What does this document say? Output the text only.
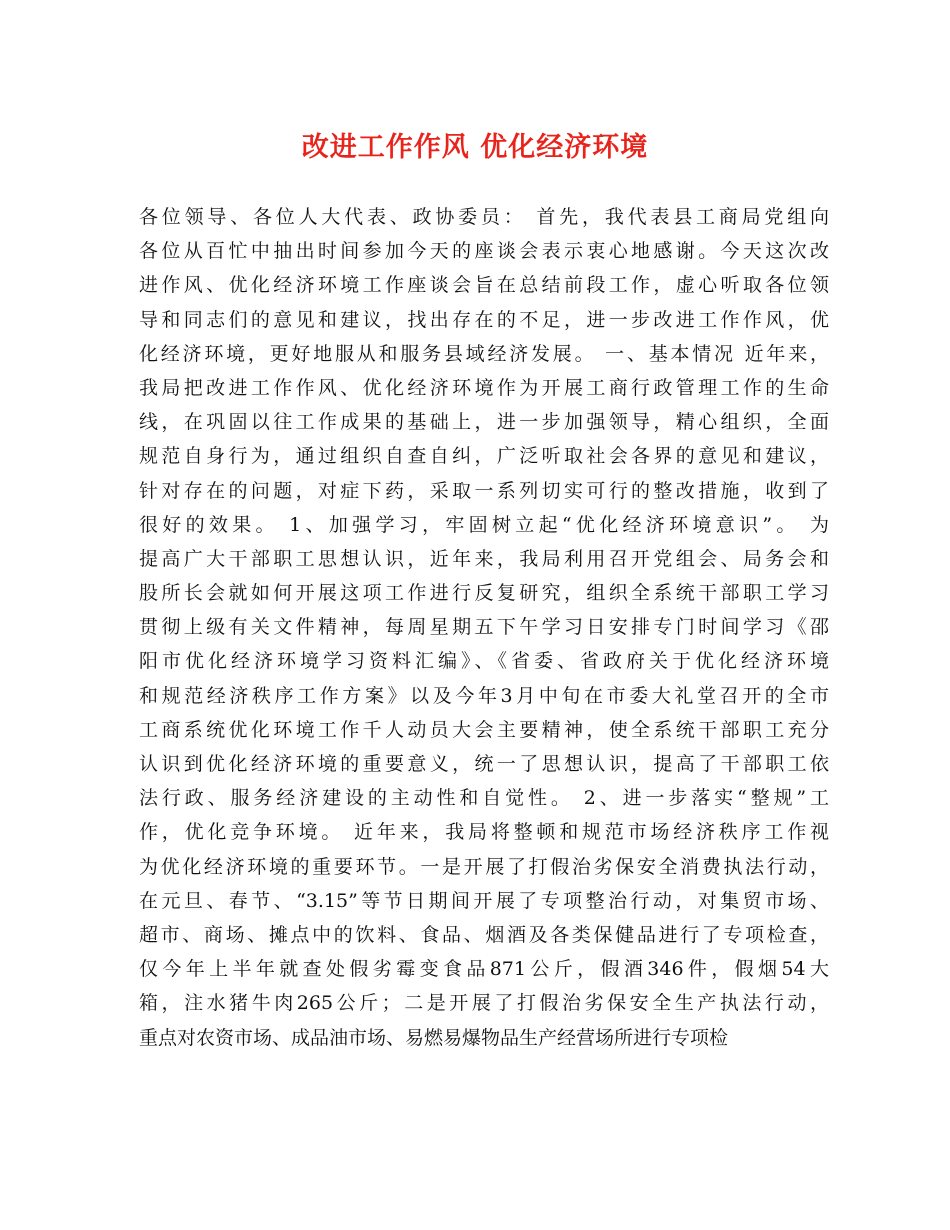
改进工作作风 优化经济环境
各位领导、各位人大代表、政协委员： 首先，我代表县工商局党组向
各位从百忙中抽出时间参加今天的座谈会表示衷心地感谢。今天这次改
进作风、优化经济环境工作座谈会旨在总结前段工作，虚心听取各位领
导和同志们的意见和建议，找出存在的不足，进一步改进工作作风，优
化经济环境，更好地服从和服务县域经济发展。 一、基本情况 近年来，
我局把改进工作作风、优化经济环境作为开展工商行政管理工作的生命
线，在巩固以往工作成果的基础上，进一步加强领导，精心组织，全面
规范自身行为，通过组织自查自纠，广泛听取社会各界的意见和建议，
针对存在的问题，对症下药，采取一系列切实可行的整改措施，收到了
很好的效果。 1、加强学习，牢固树立起“优化经济环境意识”。 为
提高广大干部职工思想认识，近年来，我局利用召开党组会、局务会和
股所长会就如何开展这项工作进行反复研究，组织全系统干部职工学习
贯彻上级有关文件精神，每周星期五下午学习日安排专门时间学习《邵
阳市优化经济环境学习资料汇编》、《省委、省政府关于优化经济环境
和规范经济秩序工作方案》以及今年3月中旬在市委大礼堂召开的全市
工商系统优化环境工作千人动员大会主要精神，使全系统干部职工充分
认识到优化经济环境的重要意义，统一了思想认识，提高了干部职工依
法行政、服务经济建设的主动性和自觉性。 2、进一步落实“整规”工
作，优化竞争环境。 近年来，我局将整顿和规范市场经济秩序工作视
为优化经济环境的重要环节。一是开展了打假治劣保安全消费执法行动，
在元旦、春节、“3.15”等节日期间开展了专项整治行动，对集贸市场、
超市、商场、摊点中的饮料、食品、烟酒及各类保健品进行了专项检查，
仅今年上半年就查处假劣霉变食品871公斤，假酒346件，假烟54大
箱，注水猪牛肉265公斤；二是开展了打假治劣保安全生产执法行动，
重点对农资市场、成品油市场、易燃易爆物品生产经营场所进行专项检
